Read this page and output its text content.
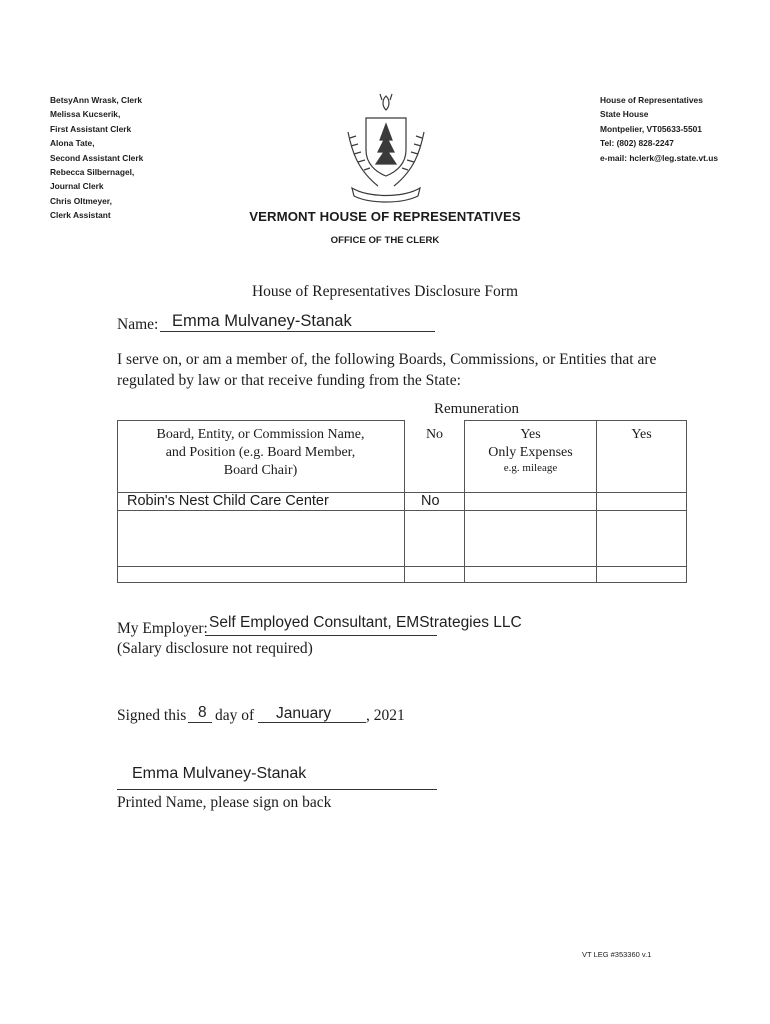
BetsyAnn Wrask, Clerk
Melissa Kucserik,
First Assistant Clerk
Alona Tate,
Second Assistant Clerk
Rebecca Silbernagel,
Journal Clerk
Chris Oltmeyer,
Clerk Assistant
House of Representatives
State House
Montpelier, VT05633-5501
Tel: (802) 828-2247
e-mail: hclerk@leg.state.vt.us
VERMONT HOUSE OF REPRESENTATIVES
OFFICE OF THE CLERK
House of Representatives Disclosure Form
Name: Emma Mulvaney-Stanak
I serve on, or am a member of, the following Boards, Commissions, or Entities that are regulated by law or that receive funding from the State:
Remuneration
Board, Entity, or Commission Name,
and Position (e.g. Board Member,
Board Chair)
No	Yes
Only Expenses
e.g. mileage
Yes
Robin's Nest Child Care Center	No
My Employer: Self Employed Consultant, EMStrategies LLC
(Salary disclosure not required)
Signed this 8 day of January , 2021
Emma Mulvaney-Stanak
Printed Name, please sign on back
VT LEG #353360 v.1
